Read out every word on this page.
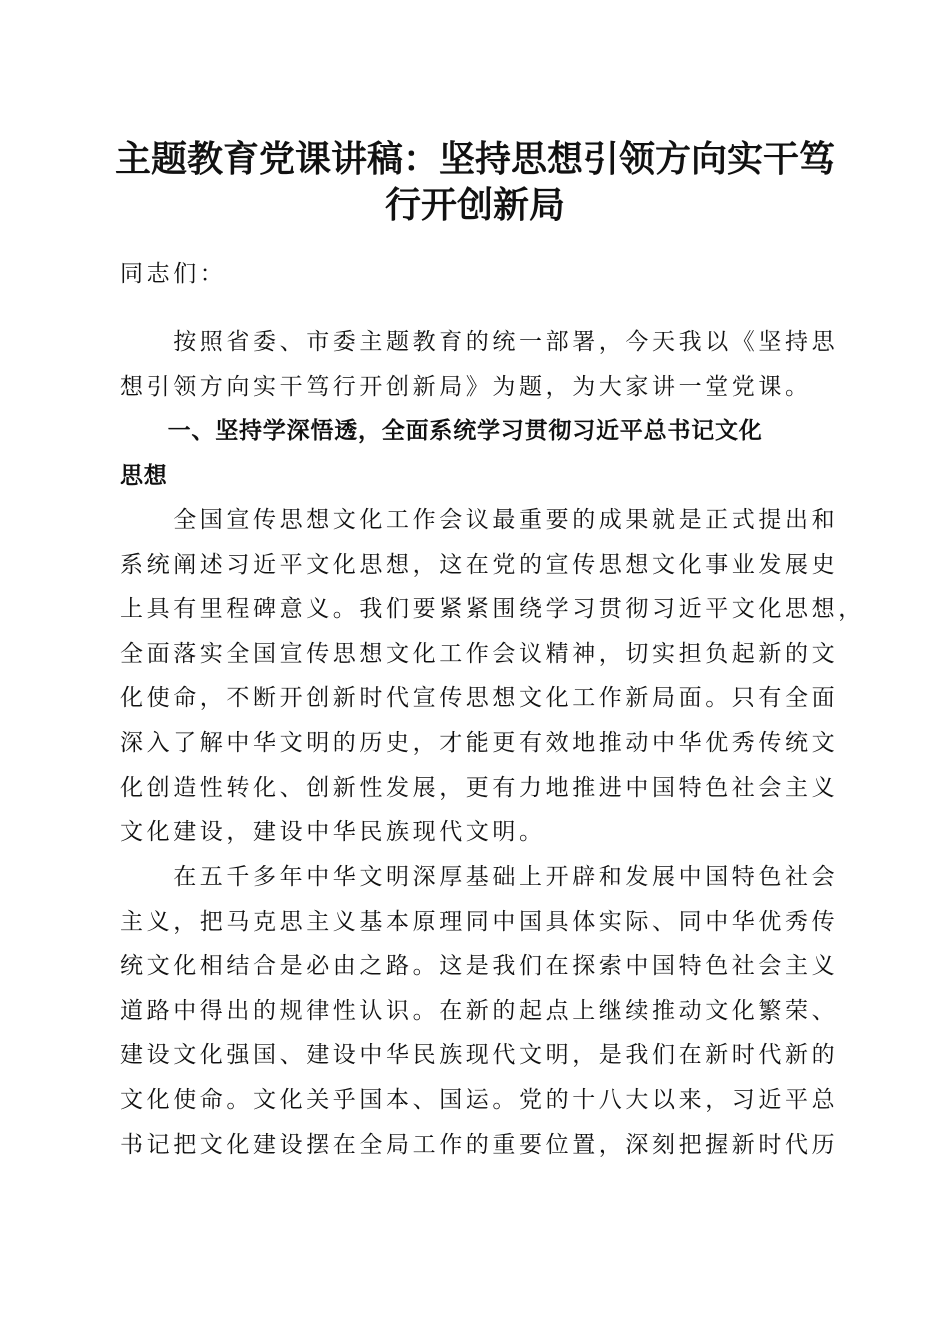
主题教育党课讲稿：坚持思想引领方向实干笃
行开创新局

同志们：

　　按照省委、市委主题教育的统一部署，今天我以《坚持思
想引领方向实干笃行开创新局》为题，为大家讲一堂党课。

　　一、坚持学深悟透，全面系统学习贯彻习近平总书记文化
思想

　　全国宣传思想文化工作会议最重要的成果就是正式提出和
系统阐述习近平文化思想，这在党的宣传思想文化事业发展史
上具有里程碑意义。我们要紧紧围绕学习贯彻习近平文化思想，
全面落实全国宣传思想文化工作会议精神，切实担负起新的文
化使命，不断开创新时代宣传思想文化工作新局面。只有全面
深入了解中华文明的历史，才能更有效地推动中华优秀传统文
化创造性转化、创新性发展，更有力地推进中国特色社会主义
文化建设，建设中华民族现代文明。

　　在五千多年中华文明深厚基础上开辟和发展中国特色社会
主义，把马克思主义基本原理同中国具体实际、同中华优秀传
统文化相结合是必由之路。这是我们在探索中国特色社会主义
道路中得出的规律性认识。在新的起点上继续推动文化繁荣、
建设文化强国、建设中华民族现代文明，是我们在新时代新的
文化使命。文化关乎国本、国运。党的十八大以来，习近平总
书记把文化建设摆在全局工作的重要位置，深刻把握新时代历
